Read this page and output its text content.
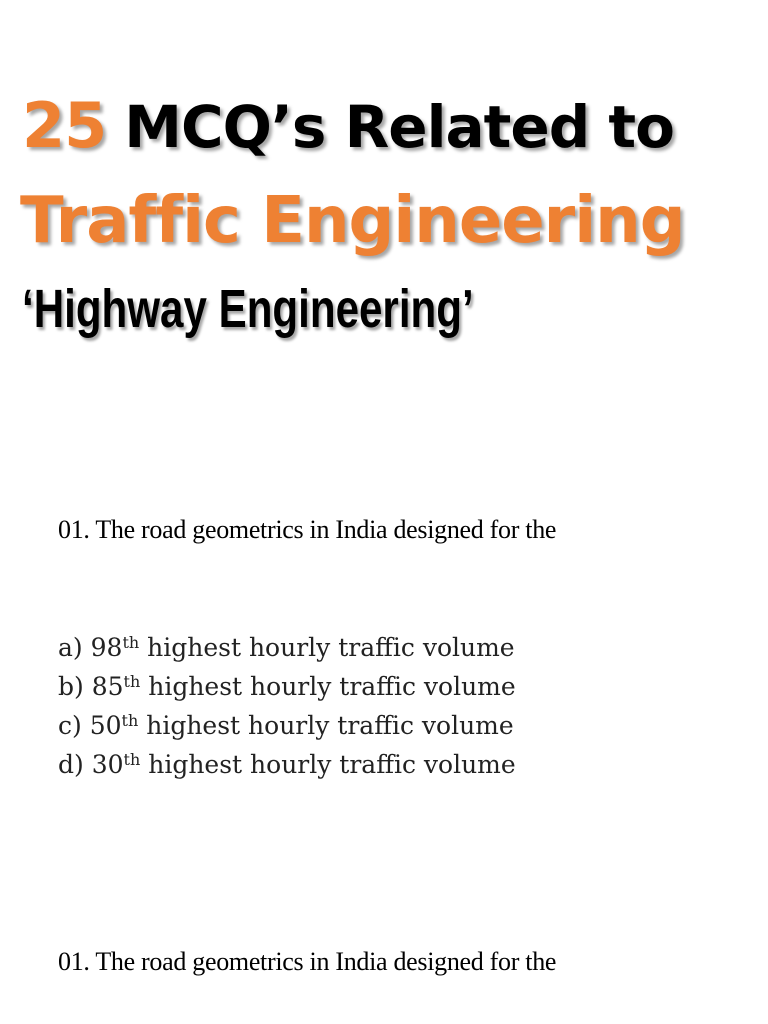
25 MCQ’s Related to
Traffic Engineering
‘Highway Engineering’
01. The road geometrics in India designed for the
a) 98th highest hourly traffic volume
b) 85th highest hourly traffic volume
c) 50th highest hourly traffic volume
d) 30th highest hourly traffic volume
01. The road geometrics in India designed for the
